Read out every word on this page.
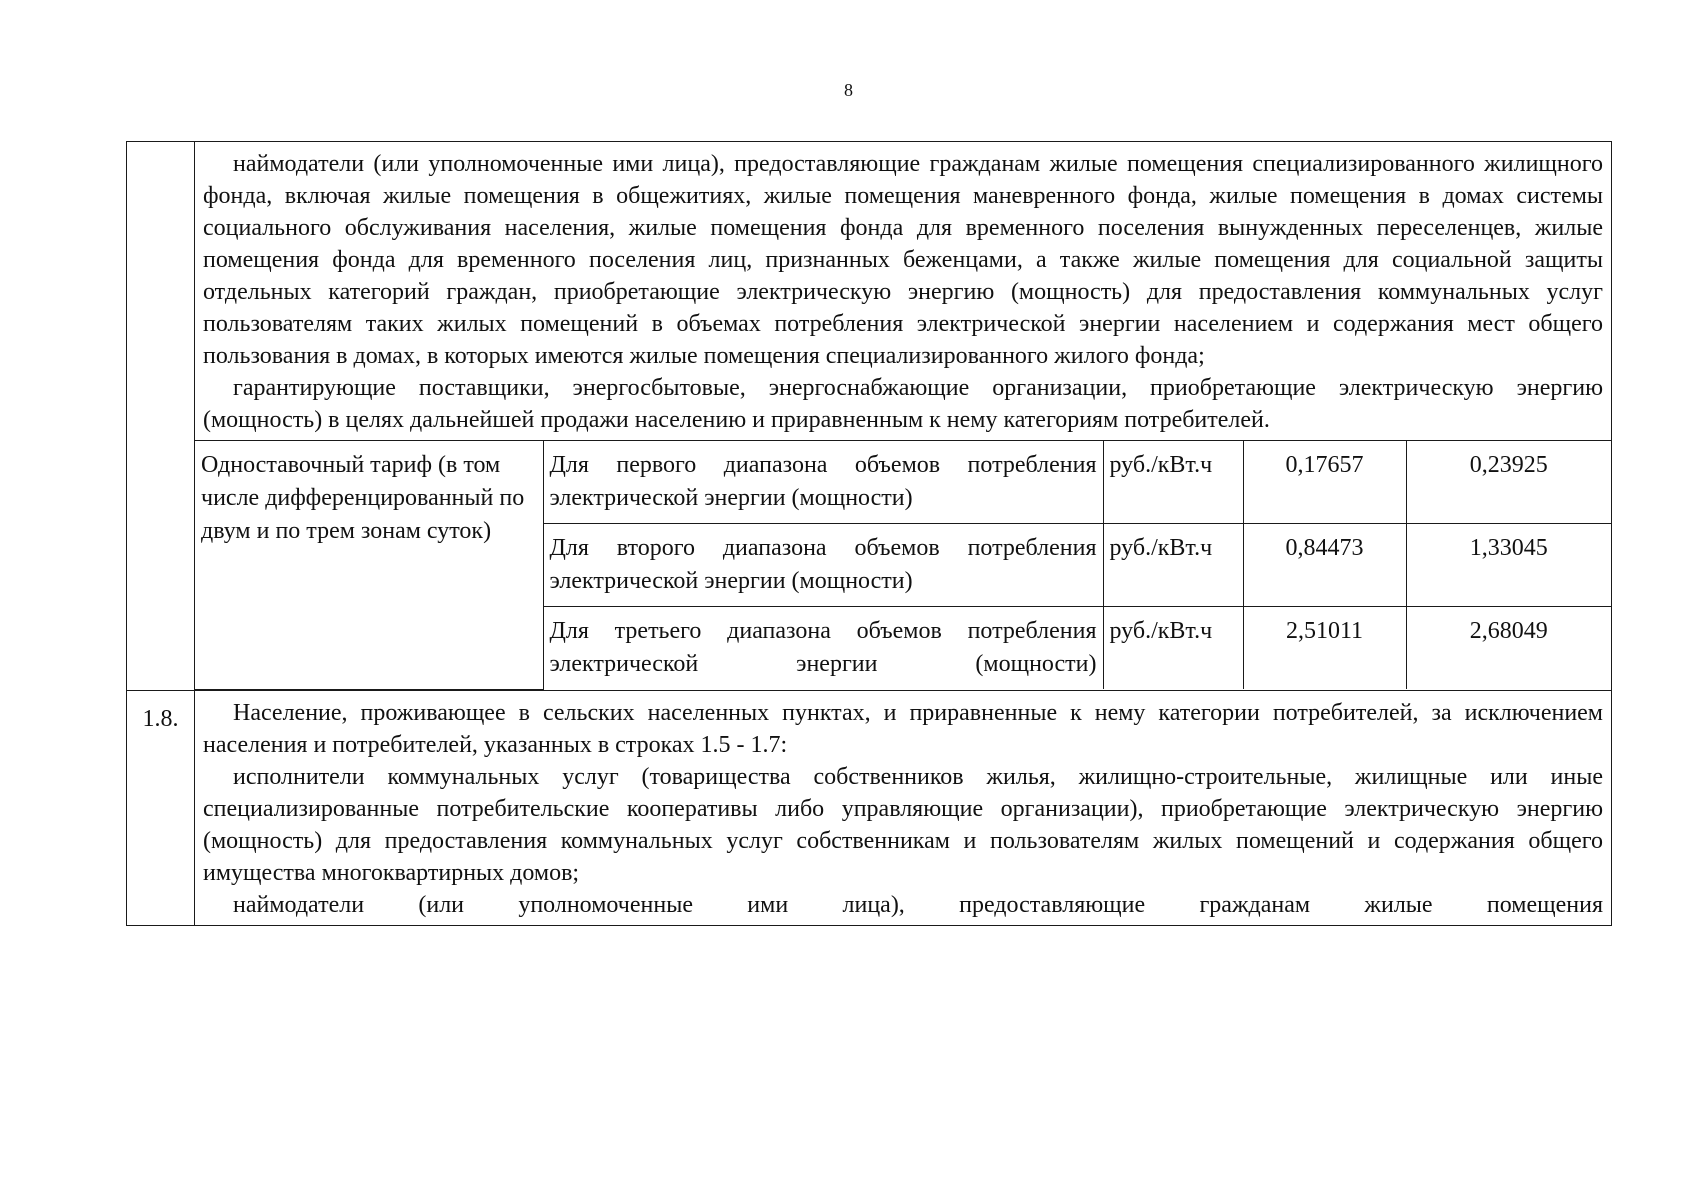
8

наймодатели (или уполномоченные ими лица), предоставляющие гражданам жилые помещения специализированного жилищного фонда, включая жилые помещения в общежитиях, жилые помещения маневренного фонда, жилые помещения в домах системы социального обслуживания населения, жилые помещения фонда для временного поселения вынужденных переселенцев, жилые помещения фонда для временного поселения лиц, признанных беженцами, а также жилые помещения для социальной защиты отдельных категорий граждан, приобретающие электрическую энергию (мощность) для предоставления коммунальных услуг пользователям таких жилых помещений в объемах потребления электрической энергии населением и содержания мест общего пользования в домах, в которых имеются жилые помещения специализированного жилого фонда;

гарантирующие поставщики, энергосбытовые, энергоснабжающие организации, приобретающие электрическую энергию (мощность) в целях дальнейшей продажи населению и приравненным к нему категориям потребителей.

Одноставочный тариф (в том числе дифференцированный по двум и по трем зонам суток)	Для первого диапазона объемов потребления электрической энергии (мощности)	руб./кВт.ч	0,17657	0,23925
Для второго диапазона объемов потребления электрической энергии (мощности)	руб./кВт.ч	0,84473	1,33045
Для третьего диапазона объемов потребления электрической энергии (мощности)	руб./кВт.ч	2,51011	2,68049

1.8.	Население, проживающее в сельских населенных пунктах, и приравненные к нему категории потребителей, за исключением населения и потребителей, указанных в строках 1.5 - 1.7:

исполнители коммунальных услуг (товарищества собственников жилья, жилищно-строительные, жилищные или иные специализированные потребительские кооперативы либо управляющие организации), приобретающие электрическую энергию (мощность) для предоставления коммунальных услуг собственникам и пользователям жилых помещений и содержания общего имущества многоквартирных домов;

наймодатели (или уполномоченные ими лица), предоставляющие гражданам жилые помещения
